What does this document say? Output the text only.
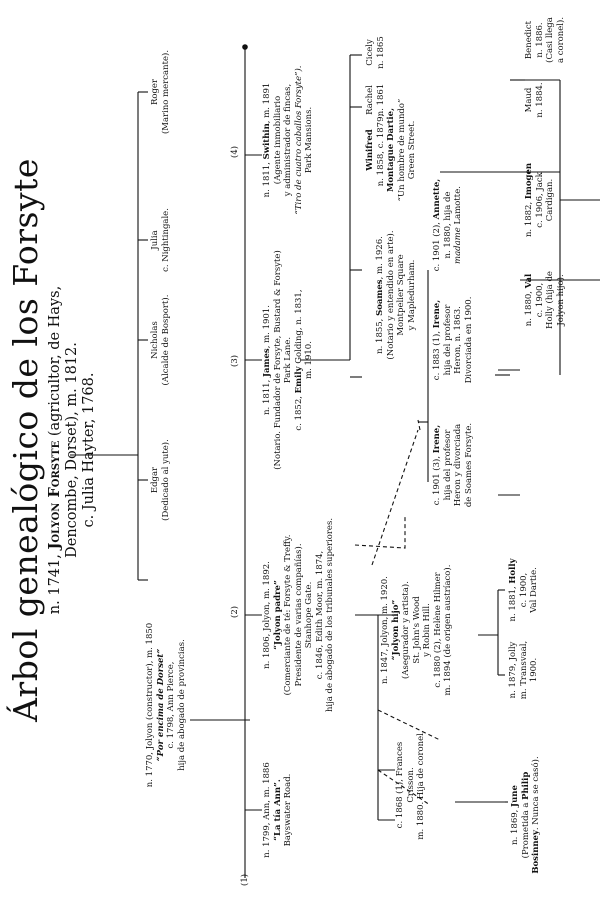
Árbol genealógico de los Forsyte n. 1741, Jolyon Forsyte (agricultor, de Hays, Dencombe, Dorset), m. 1812. c. Julia Hayter, 1768.
n. 1770, Jolyon (constructor), m. 1850 “Por encima de Dorset” c. 1798, Ann Pierce, hija de abogado de provincias.
Edgar (Dedicado al yute).
Nicholas (Alcalde de Bosport).
Julia c. Nightingale.
Roger (Marino mercante).
(1)
(2)
(3)
(4)
n. 1799, Ann, m. 1886 “La tía Ann”. Bayswater Road.
n. 1806, Jolyon, m. 1892. “Jolyon padre” (Comerciante de té: Forsyte & Treffy. Presidente de varias compañías). Stanhope Gate. c. 1846, Edith Moor, m. 1874, hija de abogado de los tribunales superiores.
n. 1811, James, m. 1901. (Notario. Fundador de Forsyte, Bustard & Forsyte) Park Lane.
c. 1852, Emily Golding, n. 1831, m. 1910.
n. 1811, Swithin, m. 1891 (Agente inmobiliario y administrador de fincas, “Tiro de cuatro caballos Forsyte”). Park Mansions.
c. 1868 (1), Frances Crisson. m. 1880. Hija de coronel.
n. 1847, Jolyon, m. 1920. “Jolyon hijo” (Asegurador y artista). St. John's Wood y Robin Hill. c. 1880 (2), Helène Hilmer m. 1894 (de origen austríaco).
n. 1855, Soames, m. 1926. (Notario y entendido en arte). Montpelier Square y Mapledurham.
Winifred n. 1858, c. 1879, Montague Dartie, “Un hombre de mundo” Green Street.
Rachel n. 1861
Cicely n. 1865
c. 1883 (1), Irene, hija del profesor Heron, n. 1863. Divorciada en 1900.
c. 1901 (2), Annette, n. 1880, hija de madame Lamotte.
c. 1901 (3), Irene, hija del profesor Heron y divorciada de Soames Forsyte.
n. 1869, June
(Prometida a Philip
Bosinney. Nunca se casó).
n. 1879, Jolly m. Transvaal, 1900.
n. 1881, Holly
c. 1900, Val Dartie.
n. 1880, Val
c. 1900, Holly (hija de Jolyon hijo).
n. 1882, Imogen c. 1906, Jack Cardigan.
Maud n. 1884.
Benedict n. 1886. (Casi llega a coronel).
